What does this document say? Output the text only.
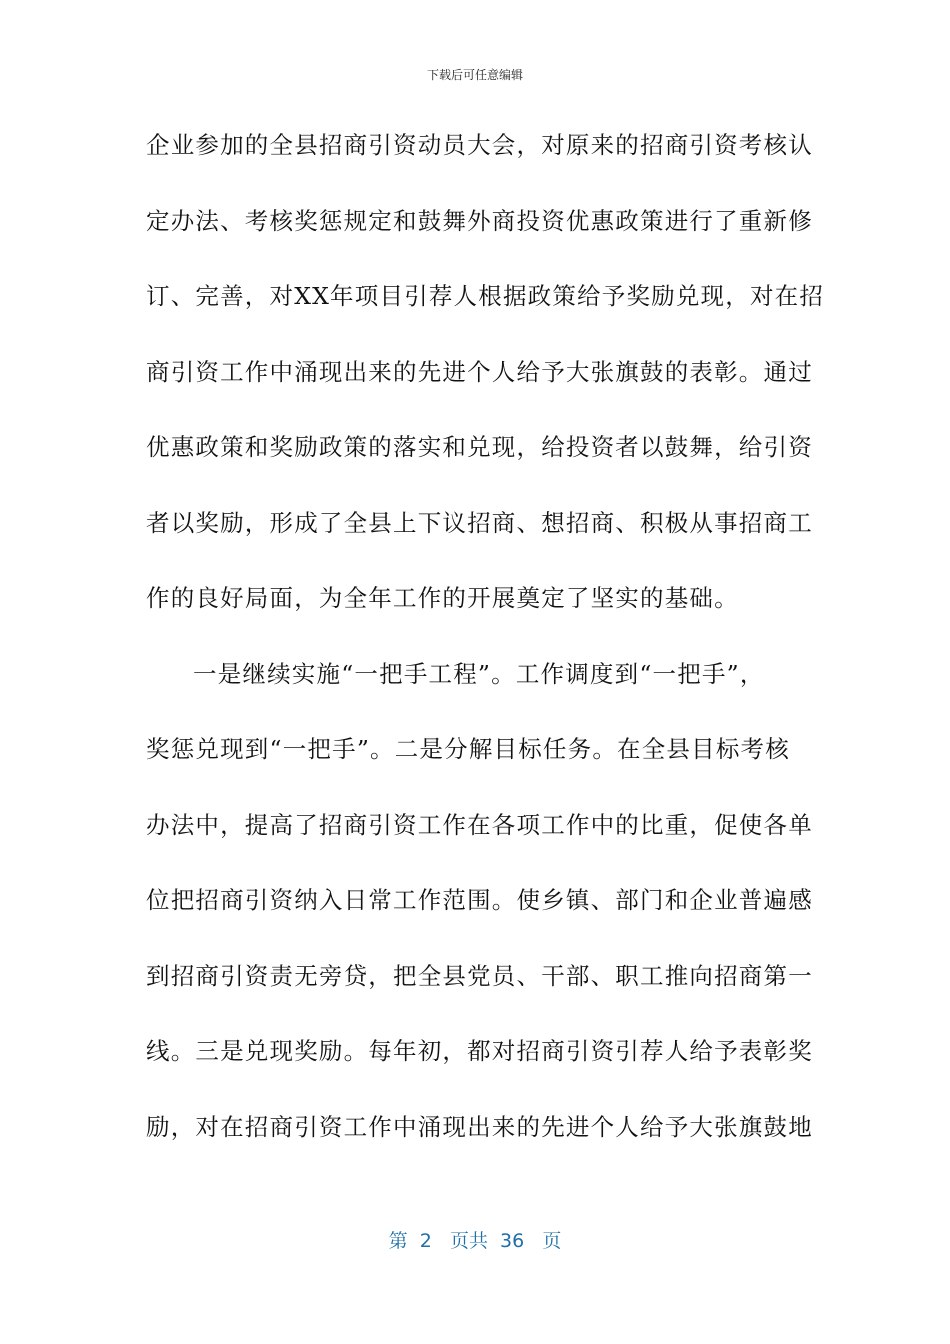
下载后可任意编辑
企业参加的全县招商引资动员大会，对原来的招商引资考核认
定办法、考核奖惩规定和鼓舞外商投资优惠政策进行了重新修
订、完善，对XX年项目引荐人根据政策给予奖励兑现，对在招
商引资工作中涌现出来的先进个人给予大张旗鼓的表彰。通过
优惠政策和奖励政策的落实和兑现，给投资者以鼓舞，给引资
者以奖励，形成了全县上下议招商、想招商、积极从事招商工
作的良好局面，为全年工作的开展奠定了坚实的基础。
一是继续实施“一把手工程”。工作调度到“一把手”，
奖惩兑现到“一把手”。二是分解目标任务。在全县目标考核
办法中，提高了招商引资工作在各项工作中的比重，促使各单
位把招商引资纳入日常工作范围。使乡镇、部门和企业普遍感
到招商引资责无旁贷，把全县党员、干部、职工推向招商第一
线。三是兑现奖励。每年初，都对招商引资引荐人给予表彰奖
励，对在招商引资工作中涌现出来的先进个人给予大张旗鼓地
第 2 页共 36 页
